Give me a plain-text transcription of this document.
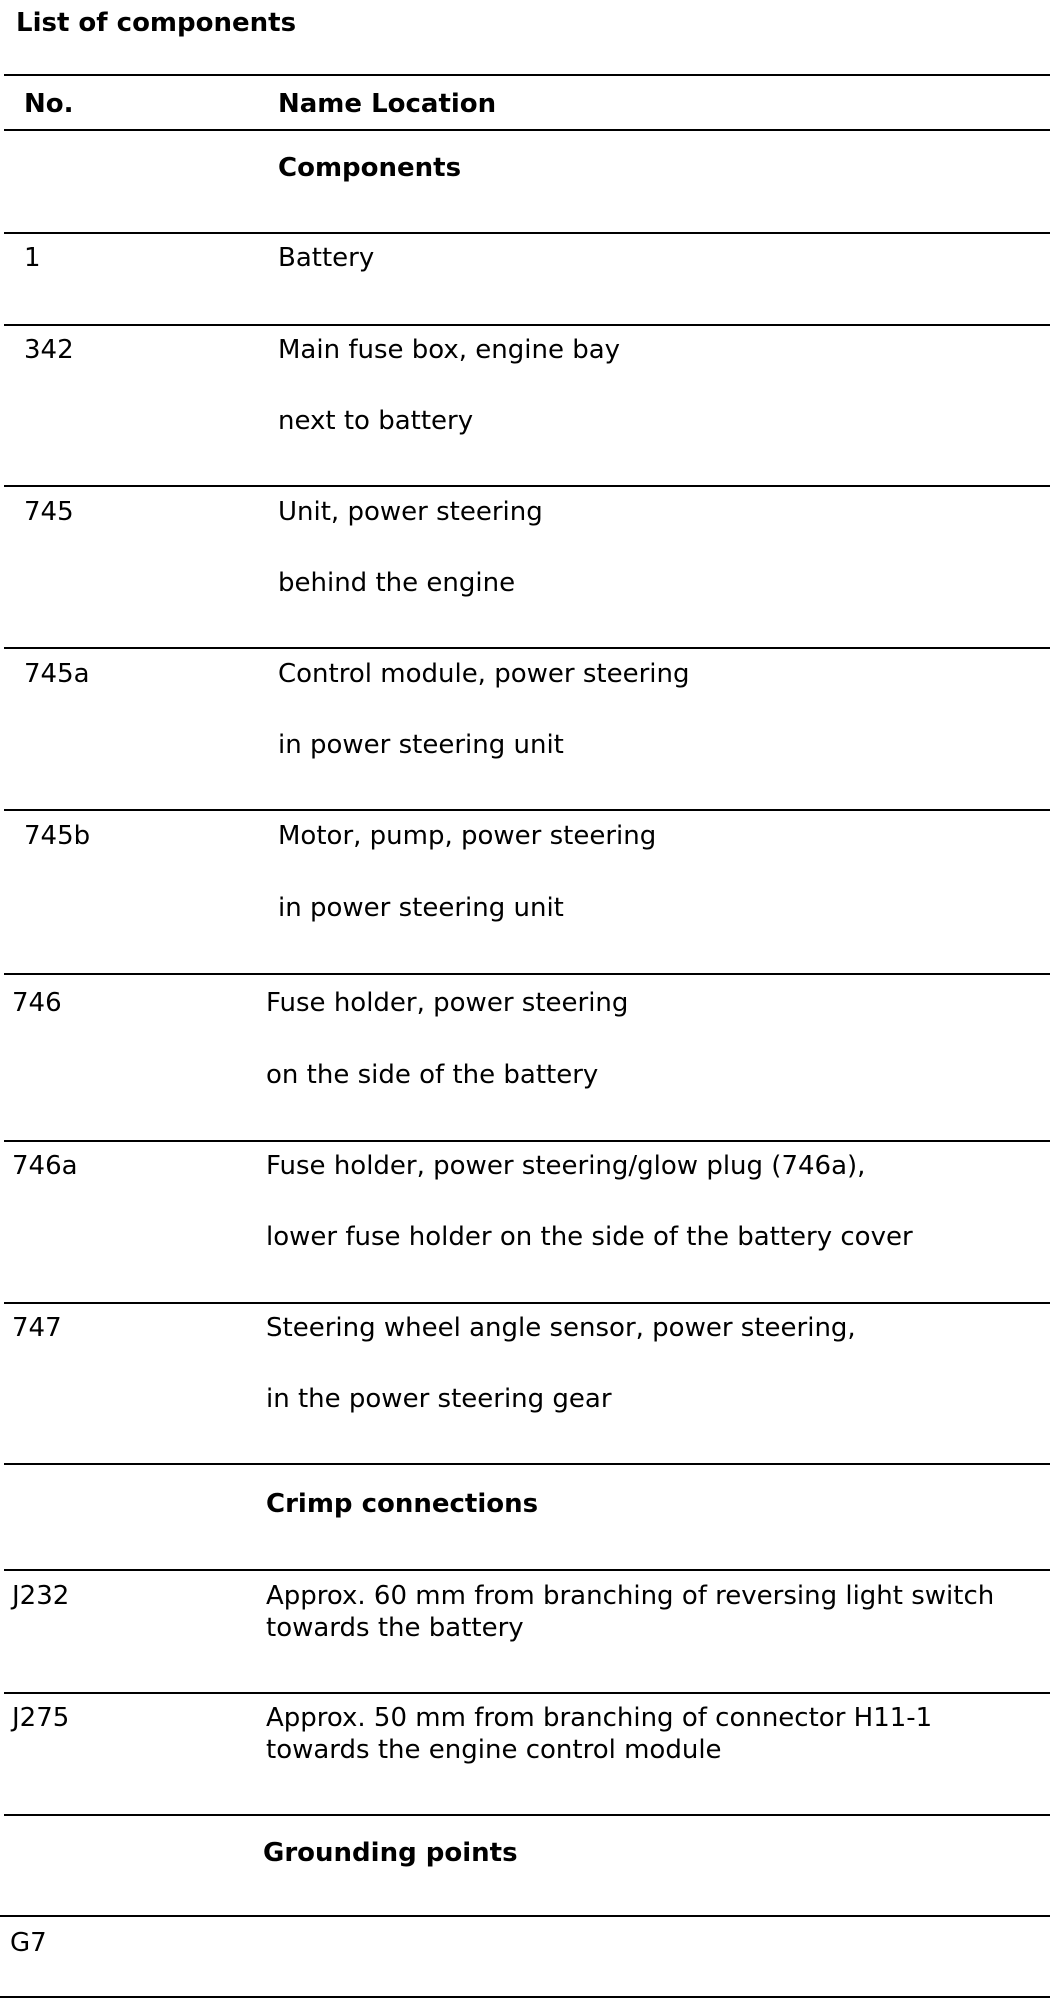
List of components
No.	Name Location
Components
1	Battery
342	Main fuse box, engine bay
next to battery
745	Unit, power steering
behind the engine
745a	Control module, power steering
in power steering unit
745b	Motor, pump, power steering
in power steering unit
746	Fuse holder, power steering
on the side of the battery
746a	Fuse holder, power steering/glow plug (746a),
lower fuse holder on the side of the battery cover
747	Steering wheel angle sensor, power steering,
in the power steering gear
Crimp connections
J232	Approx. 60 mm from branching of reversing light switch
towards the battery
J275	Approx. 50 mm from branching of connector H11-1
towards the engine control module
Grounding points
G7
